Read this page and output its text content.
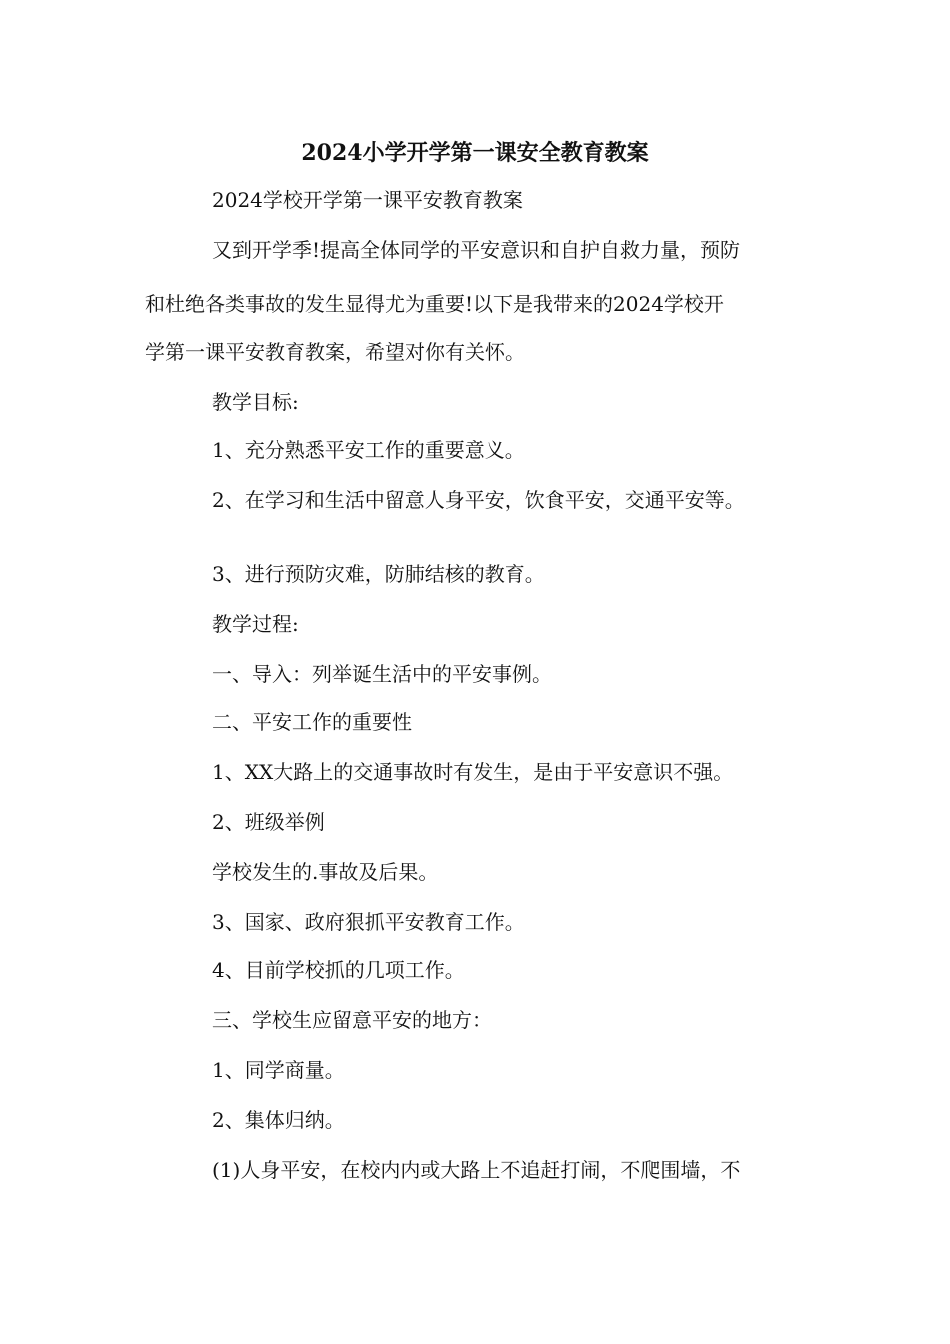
2024小学开学第一课安全教育教案
2024学校开学第一课平安教育教案
又到开学季!提高全体同学的平安意识和自护自救力量，预防
和杜绝各类事故的发生显得尤为重要!以下是我带来的2024学校开
学第一课平安教育教案，希望对你有关怀。
教学目标:
1、充分熟悉平安工作的重要意义。
2、在学习和生活中留意人身平安，饮食平安，交通平安等。
3、进行预防灾难，防肺结核的教育。
教学过程:
一、导入：列举诞生活中的平安事例。
二、平安工作的重要性
1、XX大路上的交通事故时有发生，是由于平安意识不强。
2、班级举例
学校发生的.事故及后果。
3、国家、政府狠抓平安教育工作。
4、目前学校抓的几项工作。
三、学校生应留意平安的地方：
1、同学商量。
2、集体归纳。
(1)人身平安，在校内内或大路上不追赶打闹，不爬围墙，不
